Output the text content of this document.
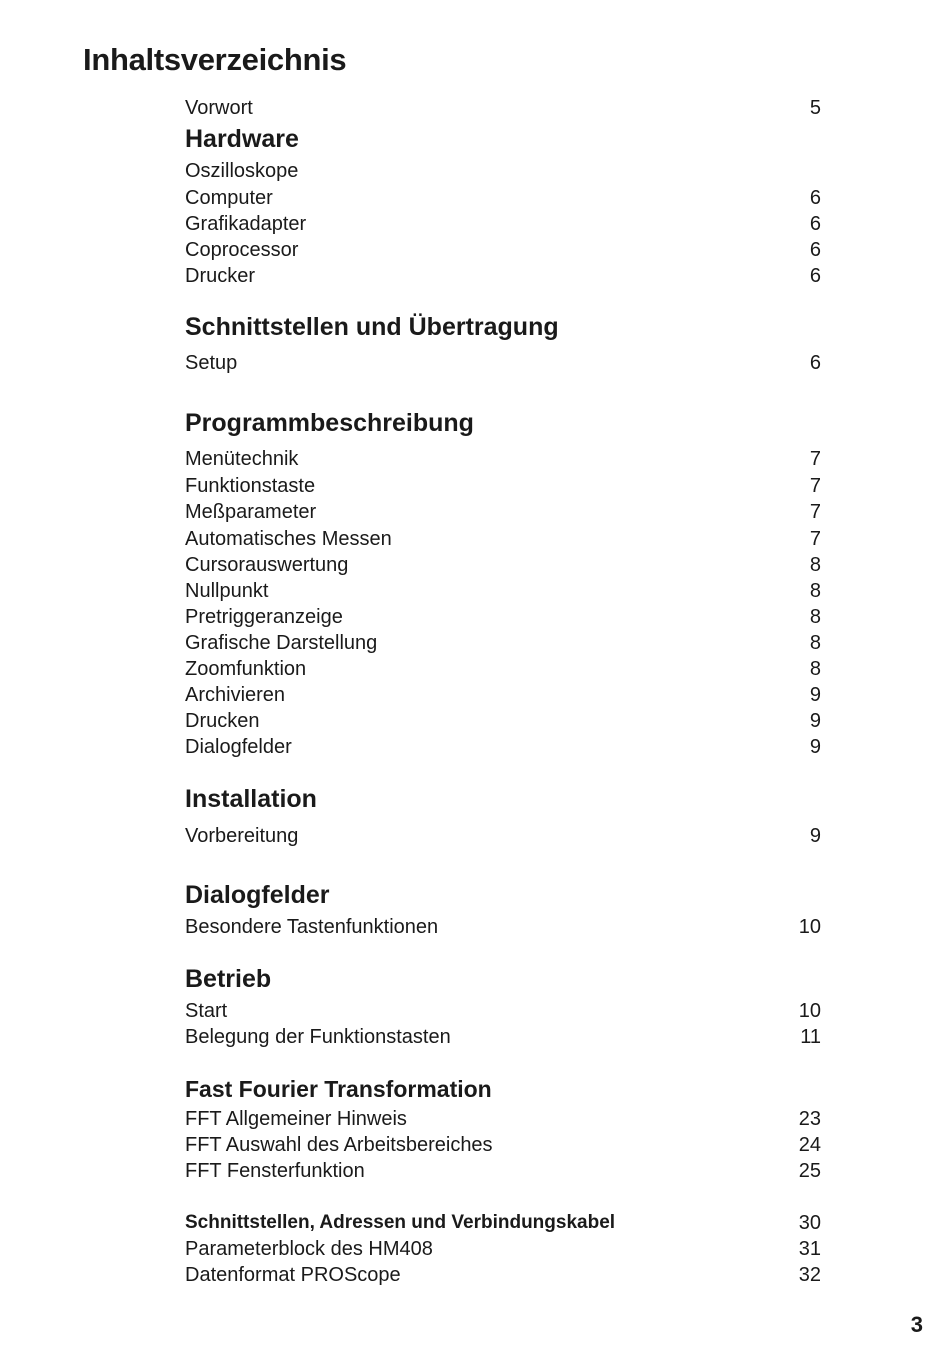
Inhaltsverzeichnis
Vorwort	5
Hardware
Oszilloskope
Computer	6
Grafikadapter	6
Coprocessor	6
Drucker	6
Schnittstellen und Übertragung
Setup	6
Programmbeschreibung
Menütechnik	7
Funktionstaste	7
Meßparameter	7
Automatisches Messen	7
Cursorauswertung	8
Nullpunkt	8
Pretriggeranzeige	8
Grafische Darstellung	8
Zoomfunktion	8
Archivieren	9
Drucken	9
Dialogfelder	9
Installation
Vorbereitung	9
Dialogfelder
Besondere Tastenfunktionen	10
Betrieb
Start	10
Belegung der Funktionstasten	11
Fast Fourier Transformation
FFT Allgemeiner Hinweis	23
FFT Auswahl des Arbeitsbereiches	24
FFT Fensterfunktion	25
Schnittstellen, Adressen und Verbindungskabel	30
Parameterblock des HM408	31
Datenformat PROScope	32
3
